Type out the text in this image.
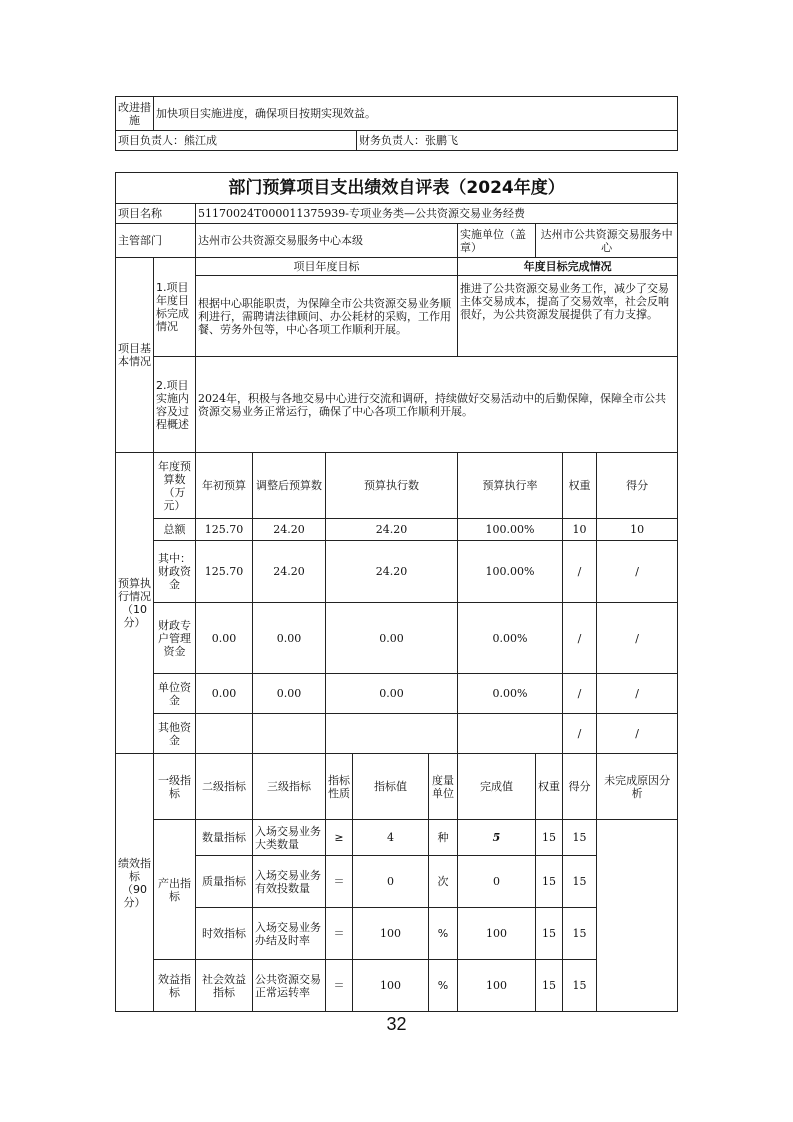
改进措施	加快项目实施进度，确保项目按期实现效益。	
项目负责人：熊江成		财务负责人：张鹏飞
部门预算项目支出绩效自评表（2024年度）											
项目名称		51170024T000011375939-专项业务类—公共资源交易业务经费									
主管部门		达州市公共资源交易服务中心本级					实施单位（盖章）	达州市公共资源交易服务中心			
项目基本情况	1.项目年度目标完成情况	项目年度目标					年度目标完成情况				
		根据中心职能职责，为保障全市公共资源交易业务顺利进行，需聘请法律顾问、办公耗材的采购，工作用餐、劳务外包等，中心各项工作顺利开展。					推进了公共资源交易业务工作，减少了交易主体交易成本，提高了交易效率，社会反响很好，为公共资源发展提供了有力支撑。				
	2.项目实施内容及过程概述	2024年，积极与各地交易中心进行交流和调研，持续做好交易活动中的后勤保障，保障全市公共资源交易业务正常运行，确保了中心各项工作顺利开展。									
预算执行情况（10分）	年度预算数（万元）	年初预算	调整后预算数	预算执行数			预算执行率		权重	得分	
	总额	125.70	24.20	24.20			100.00%		10	10	
	其中：财政资金	125.70	24.20	24.20			100.00%		/	/	
	财政专户管理资金	0.00	0.00	0.00			0.00%		/	/	
	单位资金	0.00	0.00	0.00			0.00%		/	/	
	其他资金								/	/	
绩效指标（90分）	一级指标	二级指标	三级指标	指标性质	指标值	度量单位	完成值	权重	得分	未完成原因分析	
	产出指标	数量指标	入场交易业务大类数量	≥	4	种	5	15	15		
		质量指标	入场交易业务有效投数量	＝	0	次	0	15	15		
		时效指标	入场交易业务办结及时率	＝	100	%	100	15	15		
	效益指标	社会效益指标	公共资源交易正常运转率	＝	100	%	100	15	15		
32
